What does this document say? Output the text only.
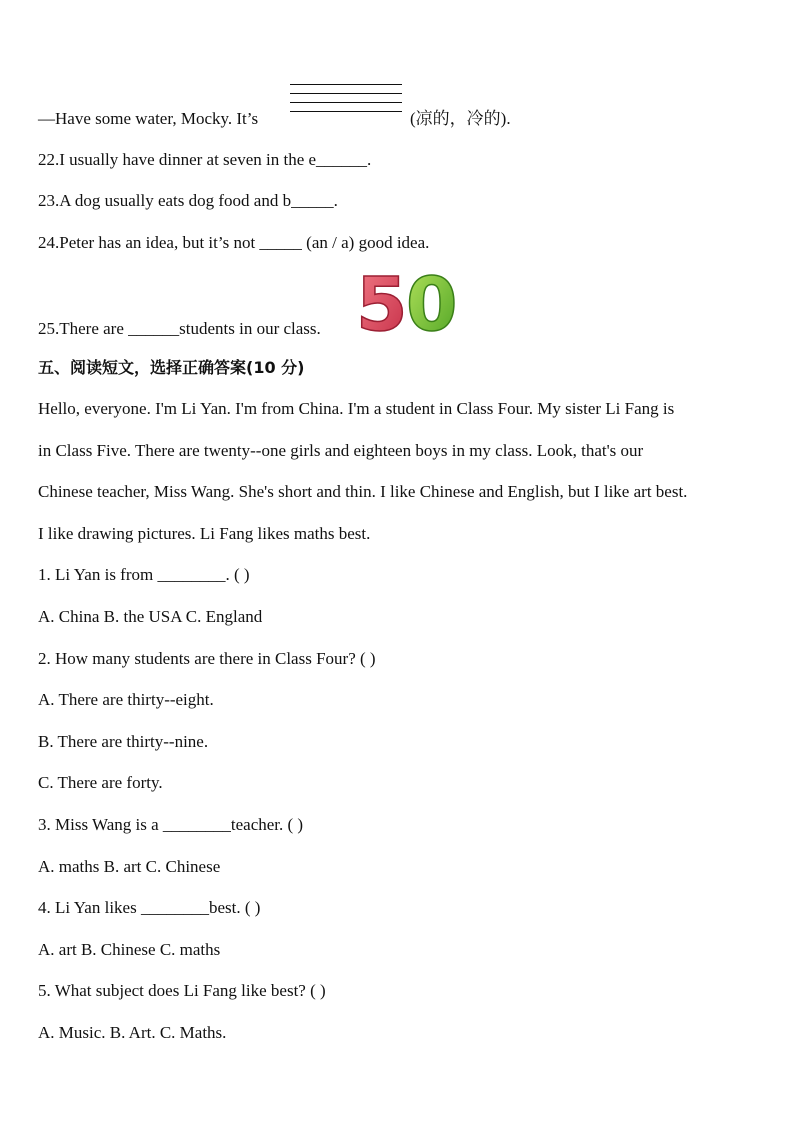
—Have some water, Mocky. It’s	(凉的，冷的).
22.I usually have dinner at seven in the e______.
23.A dog usually eats dog food and b_____.
24.Peter has an idea, but it’s not _____ (an / a) good idea.
25.There are ______students in our class. 5
0
五、阅读短文，选择正确答案(10 分)
Hello, everyone. I'm Li Yan. I'm from China. I'm a student in Class Four. My sister Li Fang is
in Class Five. There are twenty--one girls and eighteen boys in my class. Look, that's our
Chinese teacher, Miss Wang. She's short and thin. I like Chinese and English, but I like art best.
I like drawing pictures. Li Fang likes maths best.
1. Li Yan is from ________. ( )
A. China B. the USA C. England
2. How many students are there in Class Four? ( )
A. There are thirty--eight.
B. There are thirty--nine.
C. There are forty.
3. Miss Wang is a ________teacher. ( )
A. maths B. art C. Chinese
4. Li Yan likes ________best. ( )
A. art B. Chinese C. maths
5. What subject does Li Fang like best? ( )
A. Music. B. Art. C. Maths.
